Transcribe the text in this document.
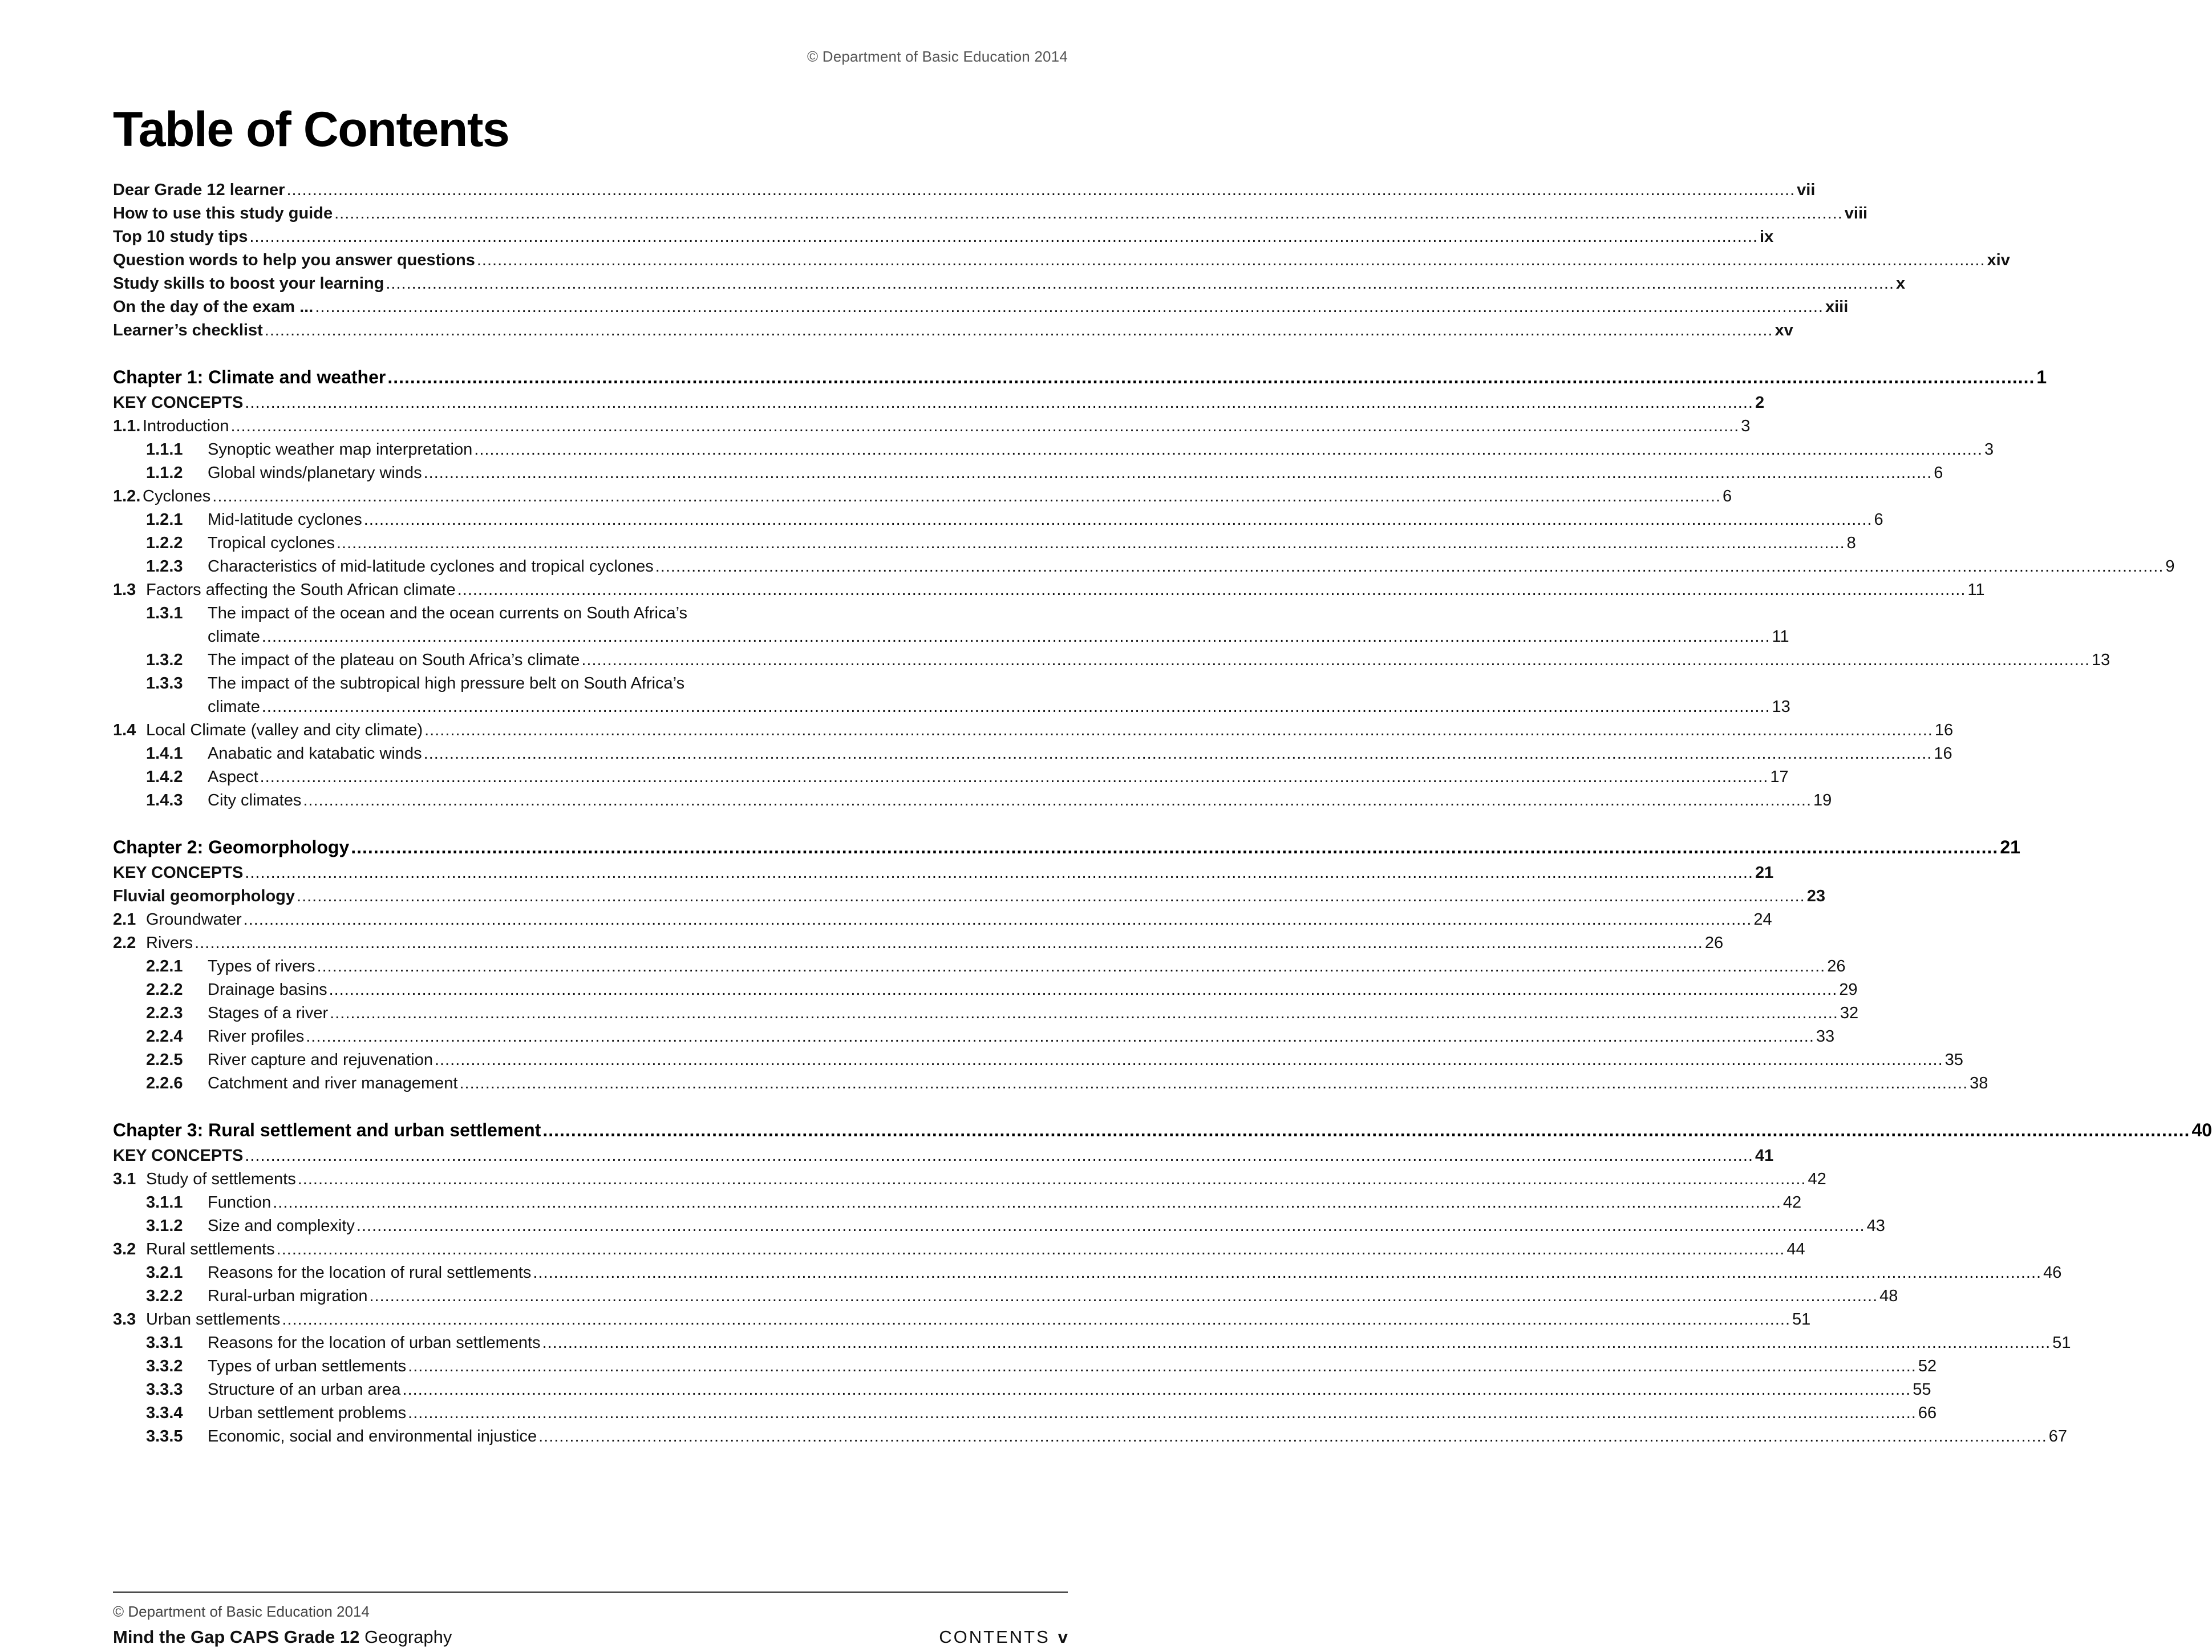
© Department of Basic Education 2014
Table of Contents
Dear Grade 12 learner .....	vii
How to use this study guide .....	viii
Top 10 study tips .....	ix
Question words to help you answer questions .....	xiv
Study skills to boost your learning .....	x
On the day of the exam ... .....	xiii
Learner’s checklist .....	xv
Chapter 1: Climate and weather .....	1
KEY CONCEPTS .....	2
1.1. Introduction .....	3
1.1.1	Synoptic weather map interpretation .....	3
1.1.2	Global winds/planetary winds .....	6
1.2. Cyclones .....	6
1.2.1	Mid-latitude cyclones .....	6
1.2.2	Tropical cyclones .....	8
1.2.3	Characteristics of mid-latitude cyclones and tropical cyclones .....	9
1.3 Factors affecting the South African climate .....	11
1.3.1	The impact of the ocean and the ocean currents on South Africa’s
climate .....	11
1.3.2	The impact of the plateau on South Africa’s climate .....	13
1.3.3	The impact of the subtropical high pressure belt on South Africa’s
climate .....	13
1.4 Local Climate (valley and city climate) .....	16
1.4.1	Anabatic and katabatic winds .....	16
1.4.2	Aspect .....	17
1.4.3	City climates .....	19
Chapter 2: Geomorphology .....	21
KEY CONCEPTS .....	21
Fluvial geomorphology .....	23
2.1 Groundwater .....	24
2.2 Rivers .....	26
2.2.1	Types of rivers .....	26
2.2.2	Drainage basins .....	29
2.2.3	Stages of a river .....	32
2.2.4	River profiles .....	33
2.2.5	River capture and rejuvenation .....	35
2.2.6	Catchment and river management .....	38
Chapter 3: Rural settlement and urban settlement .....	40
KEY CONCEPTS .....	41
3.1 Study of settlements .....	42
3.1.1	Function .....	42
3.1.2	Size and complexity .....	43
3.2 Rural settlements .....	44
3.2.1	Reasons for the location of rural settlements .....	46
3.2.2	Rural-urban migration .....	48
3.3 Urban settlements .....	51
3.3.1	Reasons for the location of urban settlements .....	51
3.3.2	Types of urban settlements .....	52
3.3.3	Structure of an urban area .....	55
3.3.4	Urban settlement problems .....	66
3.3.5	Economic, social and environmental injustice .....	67
© Department of Basic Education 2014
Mind the Gap CAPS Grade 12 Geography	CONTENTS v
